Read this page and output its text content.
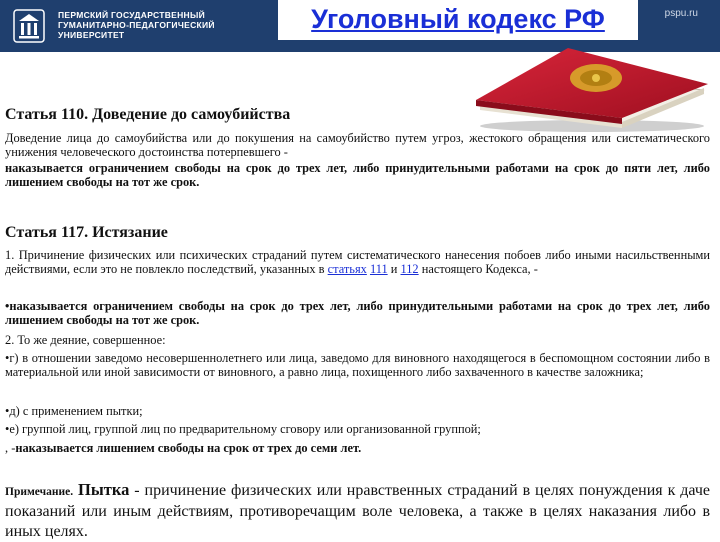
ПЕРМСКИЙ ГОСУДАРСТВЕННЫЙ
ГУМАНИТАРНО-ПЕДАГОГИЧЕСКИЙ
УНИВЕРСИТЕТ
pspu.ru
Уголовный кодекс РФ
Статья 110. Доведение до самоубийства
Доведение лица до самоубийства или до покушения на самоубийство путем угроз, жестокого обращения или систематического унижения человеческого достоинства потерпевшего -
наказывается ограничением свободы на срок до трех лет, либо принудительными работами на срок до пяти лет, либо лишением свободы на тот же срок.
Статья 117. Истязание
1. Причинение физических или психических страданий путем систематического нанесения побоев либо иными насильственными действиями, если это не повлекло последствий, указанных в статьях 111 и 112 настоящего Кодекса, -
•наказывается ограничением свободы на срок до трех лет, либо принудительными работами на срок до трех лет, либо лишением свободы на тот же срок.
2. То же деяние, совершенное:
•г) в отношении заведомо несовершеннолетнего или лица, заведомо для виновного находящегося в беспомощном состоянии либо в материальной или иной зависимости от виновного, а равно лица, похищенного либо захваченного в качестве заложника;
•д) с применением пытки;
•е) группой лиц, группой лиц по предварительному сговору или организованной группой;
, -наказывается лишением свободы на срок от трех до семи лет.
Примечание. Пытка - причинение физических или нравственных страданий в целях понуждения к даче показаний или иным действиям, противоречащим воле человека, а также в целях наказания либо в иных целях.
